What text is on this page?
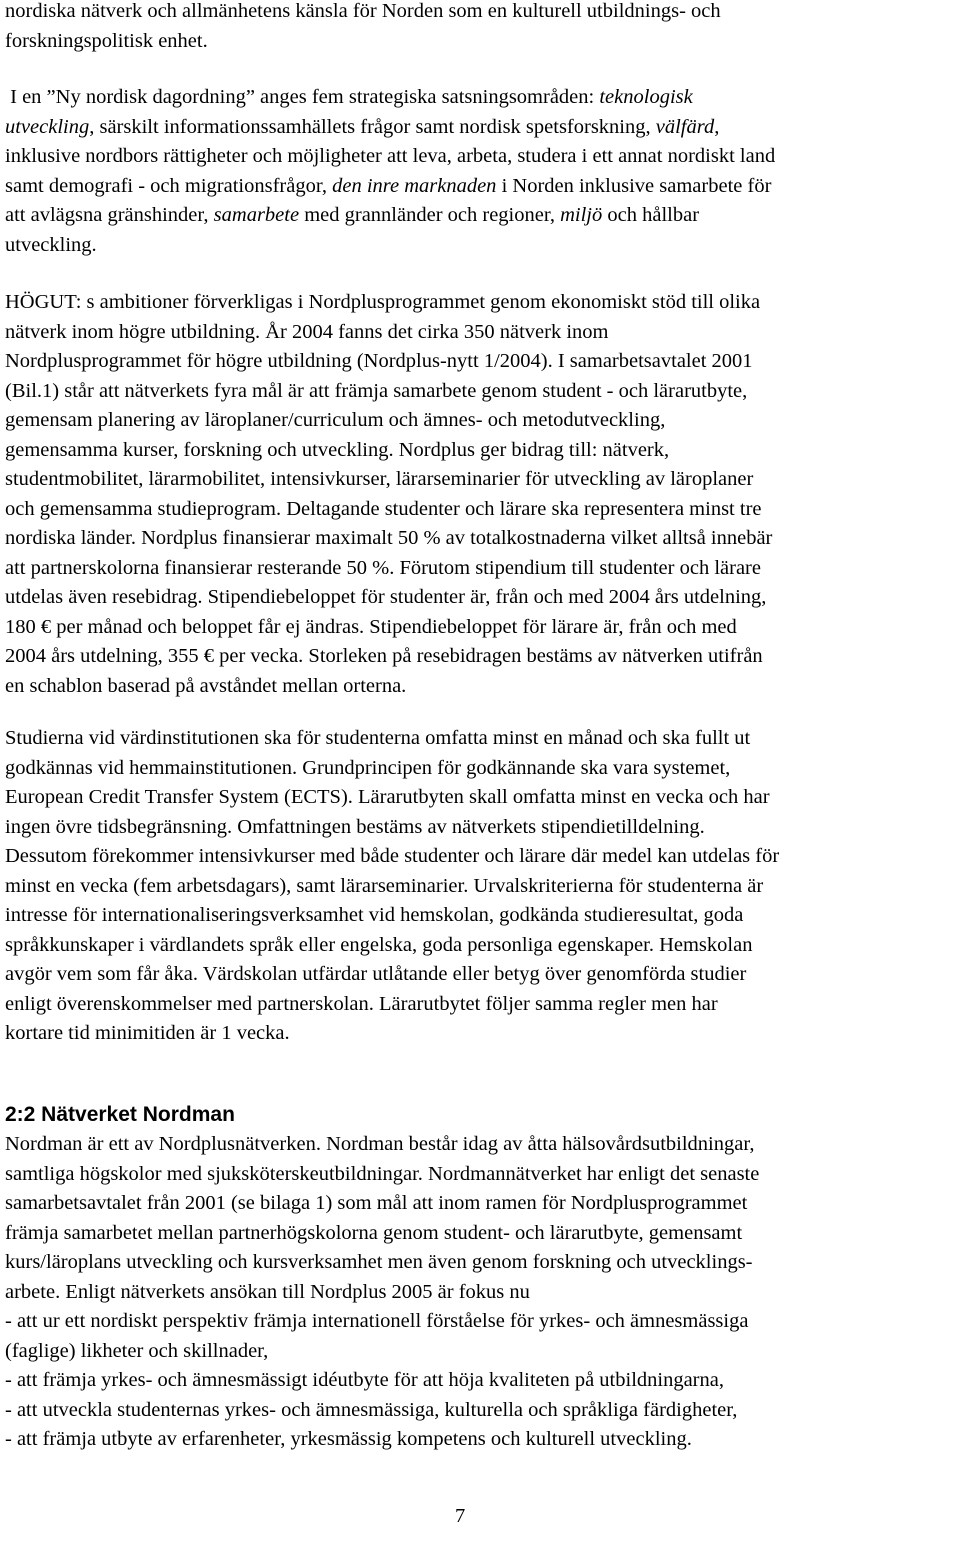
nordiska nätverk och allmänhetens känsla för Norden som en kulturell utbildnings- och
forskningspolitisk enhet.

I en ”Ny nordisk dagordning” anges fem strategiska satsningsområden: teknologisk
utveckling, särskilt informationssamhällets frågor samt nordisk spetsforskning, välfärd,
inklusive nordbors rättigheter och möjligheter att leva, arbeta, studera i ett annat nordiskt land
samt demografi - och migrationsfrågor, den inre marknaden i Norden inklusive samarbete för
att avlägsna gränshinder, samarbete med grannländer och regioner, miljö och hållbar
utveckling.

HÖGUT: s ambitioner förverkligas i Nordplusprogrammet genom ekonomiskt stöd till olika
nätverk inom högre utbildning. År 2004 fanns det cirka 350 nätverk inom
Nordplusprogrammet för högre utbildning (Nordplus-nytt 1/2004). I samarbetsavtalet 2001
(Bil.1) står att nätverkets fyra mål är att främja samarbete genom student - och lärarutbyte,
gemensam planering av läroplaner/curriculum och ämnes- och metodutveckling,
gemensamma kurser, forskning och utveckling. Nordplus ger bidrag till: nätverk,
studentmobilitet, lärarmobilitet, intensivkurser, lärarseminarier för utveckling av läroplaner
och gemensamma studieprogram. Deltagande studenter och lärare ska representera minst tre
nordiska länder. Nordplus finansierar maximalt 50 % av totalkostnaderna vilket alltså innebär
att partnerskolorna finansierar resterande 50 %. Förutom stipendium till studenter och lärare
utdelas även resebidrag. Stipendiebeloppet för studenter är, från och med 2004 års utdelning,
180 € per månad och beloppet får ej ändras. Stipendiebeloppet för lärare är, från och med
2004 års utdelning, 355 € per vecka. Storleken på resebidragen bestäms av nätverken utifrån
en schablon baserad på avståndet mellan orterna.

Studierna vid värdinstitutionen ska för studenterna omfatta minst en månad och ska fullt ut
godkännas vid hemmainstitutionen. Grundprincipen för godkännande ska vara systemet,
European Credit Transfer System (ECTS). Lärarutbyten skall omfatta minst en vecka och har
ingen övre tidsbegränsning. Omfattningen bestäms av nätverkets stipendietilldelning.
Dessutom förekommer intensivkurser med både studenter och lärare där medel kan utdelas för
minst en vecka (fem arbetsdagars), samt lärarseminarier. Urvalskriterierna för studenterna är
intresse för internationaliseringsverksamhet vid hemskolan, godkända studieresultat, goda
språkkunskaper i värdlandets språk eller engelska, goda personliga egenskaper. Hemskolan
avgör vem som får åka. Värdskolan utfärdar utlåtande eller betyg över genomförda studier
enligt överenskommelser med partnerskolan. Lärarutbytet följer samma regler men har
kortare tid minimitiden är 1 vecka.

2:2 Nätverket Nordman

Nordman är ett av Nordplusnätverken. Nordman består idag av åtta hälsovårdsutbildningar,
samtliga högskolor med sjuksköterskeutbildningar. Nordmannätverket har enligt det senaste
samarbetsavtalet från 2001 (se bilaga 1) som mål att inom ramen för Nordplusprogrammet
främja samarbetet mellan partnerhögskolorna genom student- och lärarutbyte, gemensamt
kurs/läroplans utveckling och kursverksamhet men även genom forskning och utvecklings-
arbete. Enligt nätverkets ansökan till Nordplus 2005 är fokus nu
- att ur ett nordiskt perspektiv främja internationell förståelse för yrkes- och ämnesmässiga
(faglige) likheter och skillnader,
- att främja yrkes- och ämnesmässigt idéutbyte för att höja kvaliteten på utbildningarna,
- att utveckla studenternas yrkes- och ämnesmässiga, kulturella och språkliga färdigheter,
- att främja utbyte av erfarenheter, yrkesmässig kompetens och kulturell utveckling.

7
